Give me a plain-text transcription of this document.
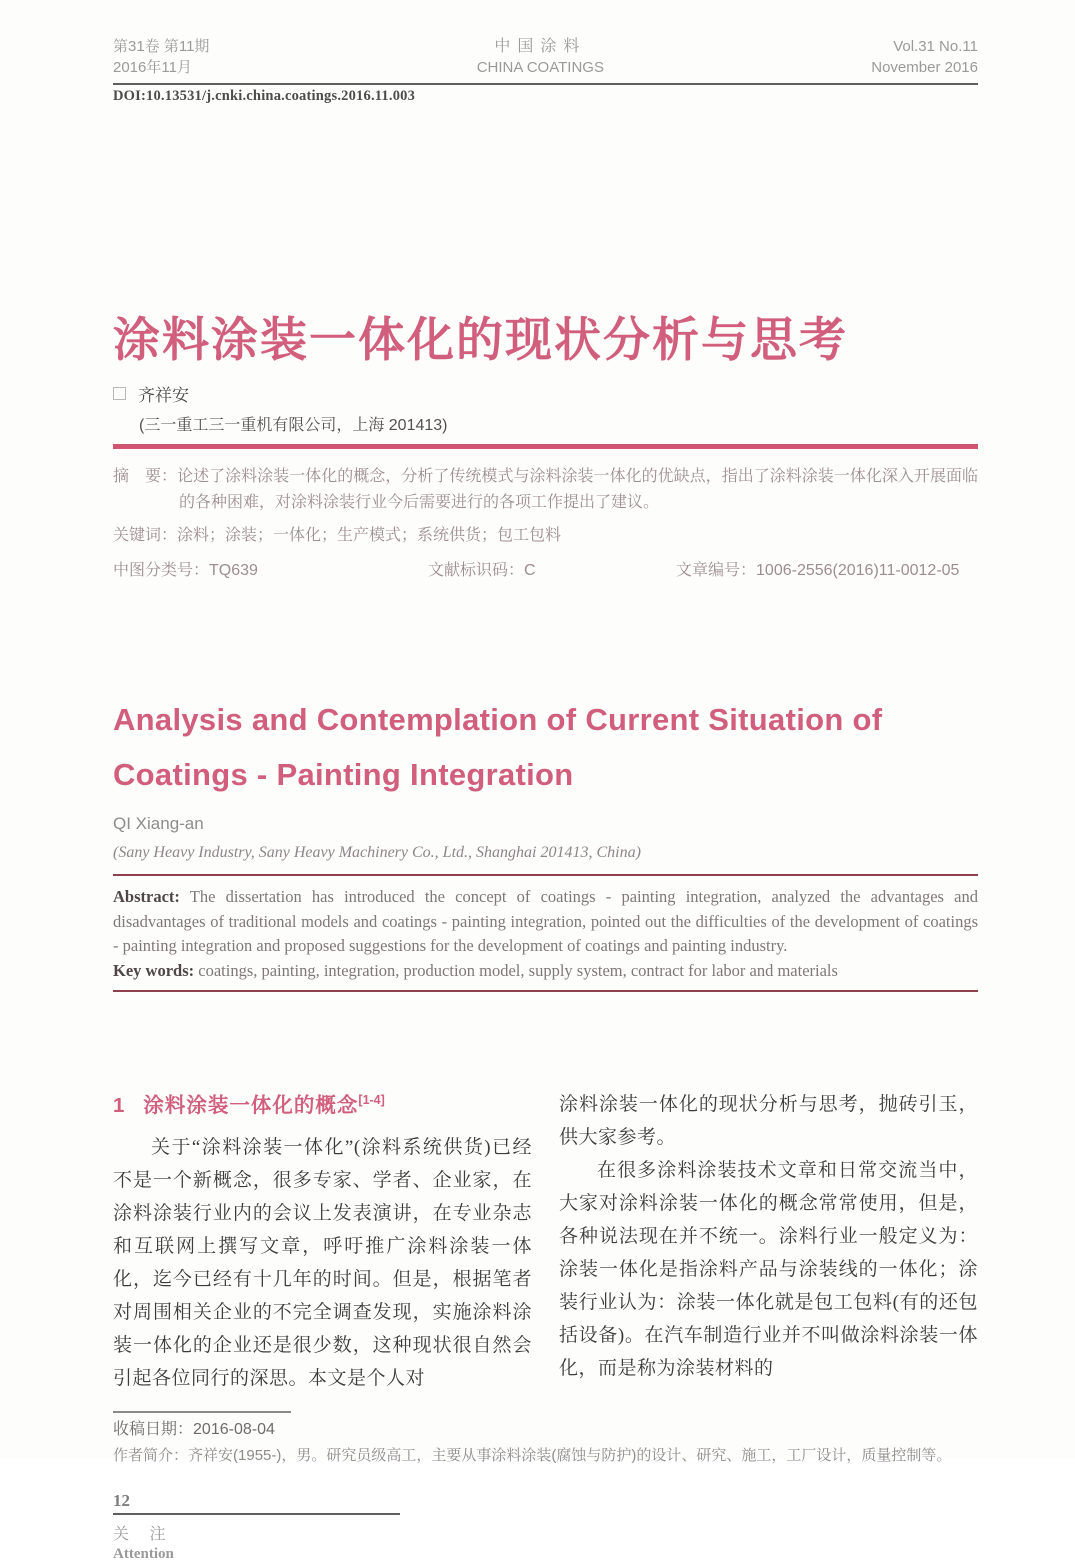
第31卷 第11期
2016年11月
中国涂料
CHINA COATINGS
Vol.31 No.11
November 2016
DOI:10.13531/j.cnki.china.coatings.2016.11.003
涂料涂装一体化的现状分析与思考
齐祥安
(三一重工三一重机有限公司，上海 201413)

摘　要：论述了涂料涂装一体化的概念，分析了传统模式与涂料涂装一体化的优缺点，指出了涂料涂装一体化深入开展面临的各种困难，对涂料涂装行业今后需要进行的各项工作提出了建议。

关键词：涂料；涂装；一体化；生产模式；系统供货；包工包料

中图分类号：TQ639	文献标识码：C	文章编号：1006-2556(2016)11-0012-05
Analysis and Contemplation of Current Situation of
Coatings - Painting Integration
QI Xiang-an
(Sany Heavy Industry, Sany Heavy Machinery Co., Ltd., Shanghai 201413, China)

Abstract: The dissertation has introduced the concept of coatings - painting integration, analyzed the advantages and disadvantages of traditional models and coatings - painting integration, pointed out the difficulties of the development of coatings - painting integration and proposed suggestions for the development of coatings and painting industry.

Key words: coatings, painting, integration, production model, supply system, contract for labor and materials

1 涂料涂装一体化的概念[1-4]

关于“涂料涂装一体化”(涂料系统供货)已经不是一个新概念，很多专家、学者、企业家，在涂料涂装行业内的会议上发表演讲，在专业杂志和互联网上撰写文章，呼吁推广涂料涂装一体化，迄今已经有十几年的时间。但是，根据笔者对周围相关企业的不完全调查发现，实施涂料涂装一体化的企业还是很少数，这种现状很自然会引起各位同行的深思。本文是个人对

涂料涂装一体化的现状分析与思考，抛砖引玉，供大家参考。

在很多涂料涂装技术文章和日常交流当中，大家对涂料涂装一体化的概念常常使用，但是，各种说法现在并不统一。涂料行业一般定义为：涂装一体化是指涂料产品与涂装线的一体化；涂装行业认为：涂装一体化就是包工包料(有的还包括设备)。在汽车制造行业并不叫做涂料涂装一体化，而是称为涂装材料的

收稿日期：2016-08-04

作者简介：齐祥安(1955-)，男。研究员级高工，主要从事涂料涂装(腐蚀与防护)的设计、研究、施工，工厂设计，质量控制等。

12
关 注
Attention
